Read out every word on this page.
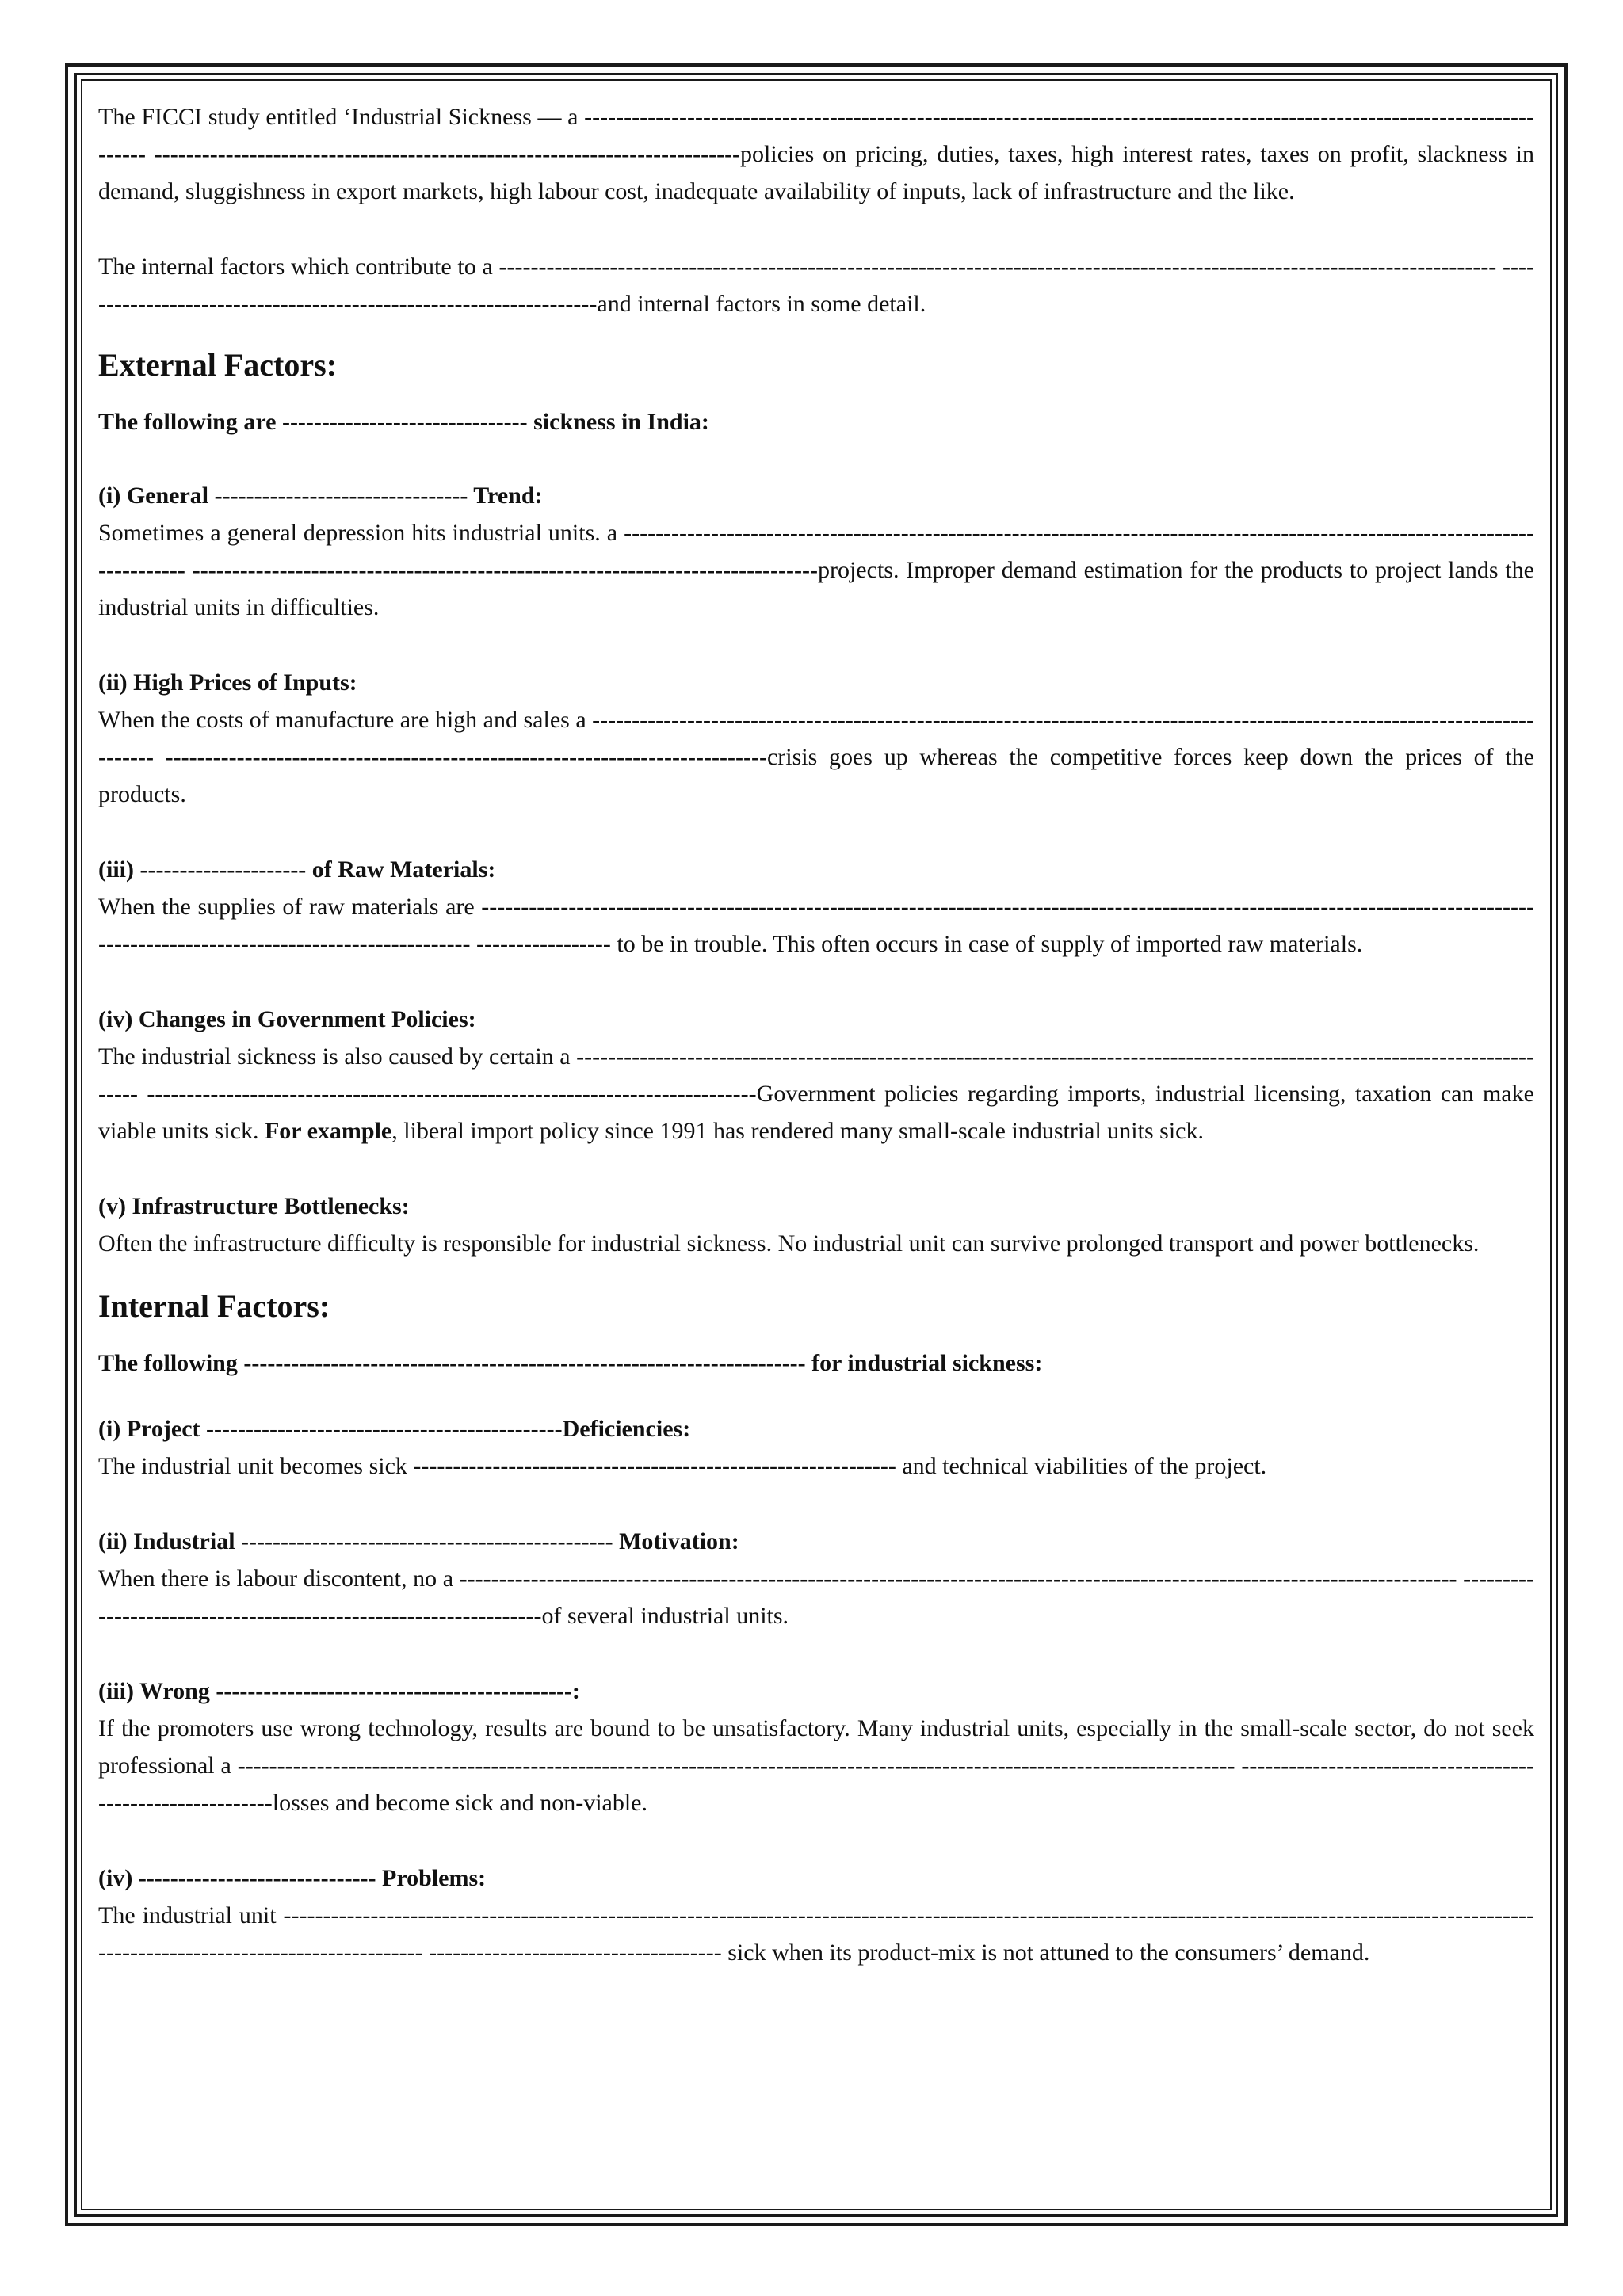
The FICCI study entitled ‘Industrial Sickness — a ------------------------------------------------------------------------------------------------------------------------------ --------------------------------------------------------------------------policies on pricing, duties, taxes, high interest rates, taxes on profit, slackness in demand, sluggishness in export markets, high labour cost, inadequate availability of inputs, lack of infrastructure and the like.

The internal factors which contribute to a ------------------------------------------------------------------------------------------------------------------------------ -------------------------------------------------------------------and internal factors in some detail.

External Factors:

The following are ------------------------------- sickness in India:

(i) General -------------------------------- Trend:

Sometimes a general depression hits industrial units. a ------------------------------------------------------------------------------------------------------------------------------ -------------------------------------------------------------------------------projects. Improper demand estimation for the products to project lands the industrial units in difficulties.

(ii) High Prices of Inputs:

When the costs of manufacture are high and sales a ------------------------------------------------------------------------------------------------------------------------------ ----------------------------------------------------------------------------crisis goes up whereas the competitive forces keep down the prices of the products.

(iii) --------------------- of Raw Materials:

When the supplies of raw materials are ------------------------------------------------------------------------------------------------------------------------------------------------------------------------------------ ----------------- to be in trouble. This often occurs in case of supply of imported raw materials.

(iv) Changes in Government Policies:

The industrial sickness is also caused by certain a ------------------------------------------------------------------------------------------------------------------------------ -----------------------------------------------------------------------------Government policies regarding imports, industrial licensing, taxation can make viable units sick. For example, liberal import policy since 1991 has rendered many small-scale industrial units sick.

(v) Infrastructure Bottlenecks:

Often the infrastructure difficulty is responsible for industrial sickness. No industrial unit can survive prolonged transport and power bottlenecks.

Internal Factors:

The following ----------------------------------------------------------------------- for industrial sickness:

(i) Project ---------------------------------------------Deficiencies:

The industrial unit becomes sick ------------------------------------------------------------- and technical viabilities of the project.

(ii) Industrial ----------------------------------------------- Motivation:

When there is labour discontent, no a ------------------------------------------------------------------------------------------------------------------------------ -----------------------------------------------------------------of several industrial units.

(iii) Wrong ---------------------------------------------:

If the promoters use wrong technology, results are bound to be unsatisfactory. Many industrial units, especially in the small-scale sector, do not seek professional a ------------------------------------------------------------------------------------------------------------------------------ -----------------------------------------------------------losses and become sick and non-viable.

(iv) ------------------------------ Problems:

The industrial unit ------------------------------------------------------------------------------------------------------------------------------------------------------------------------------------------------------- ------------------------------------- sick when its product-mix is not attuned to the consumers’ demand.
